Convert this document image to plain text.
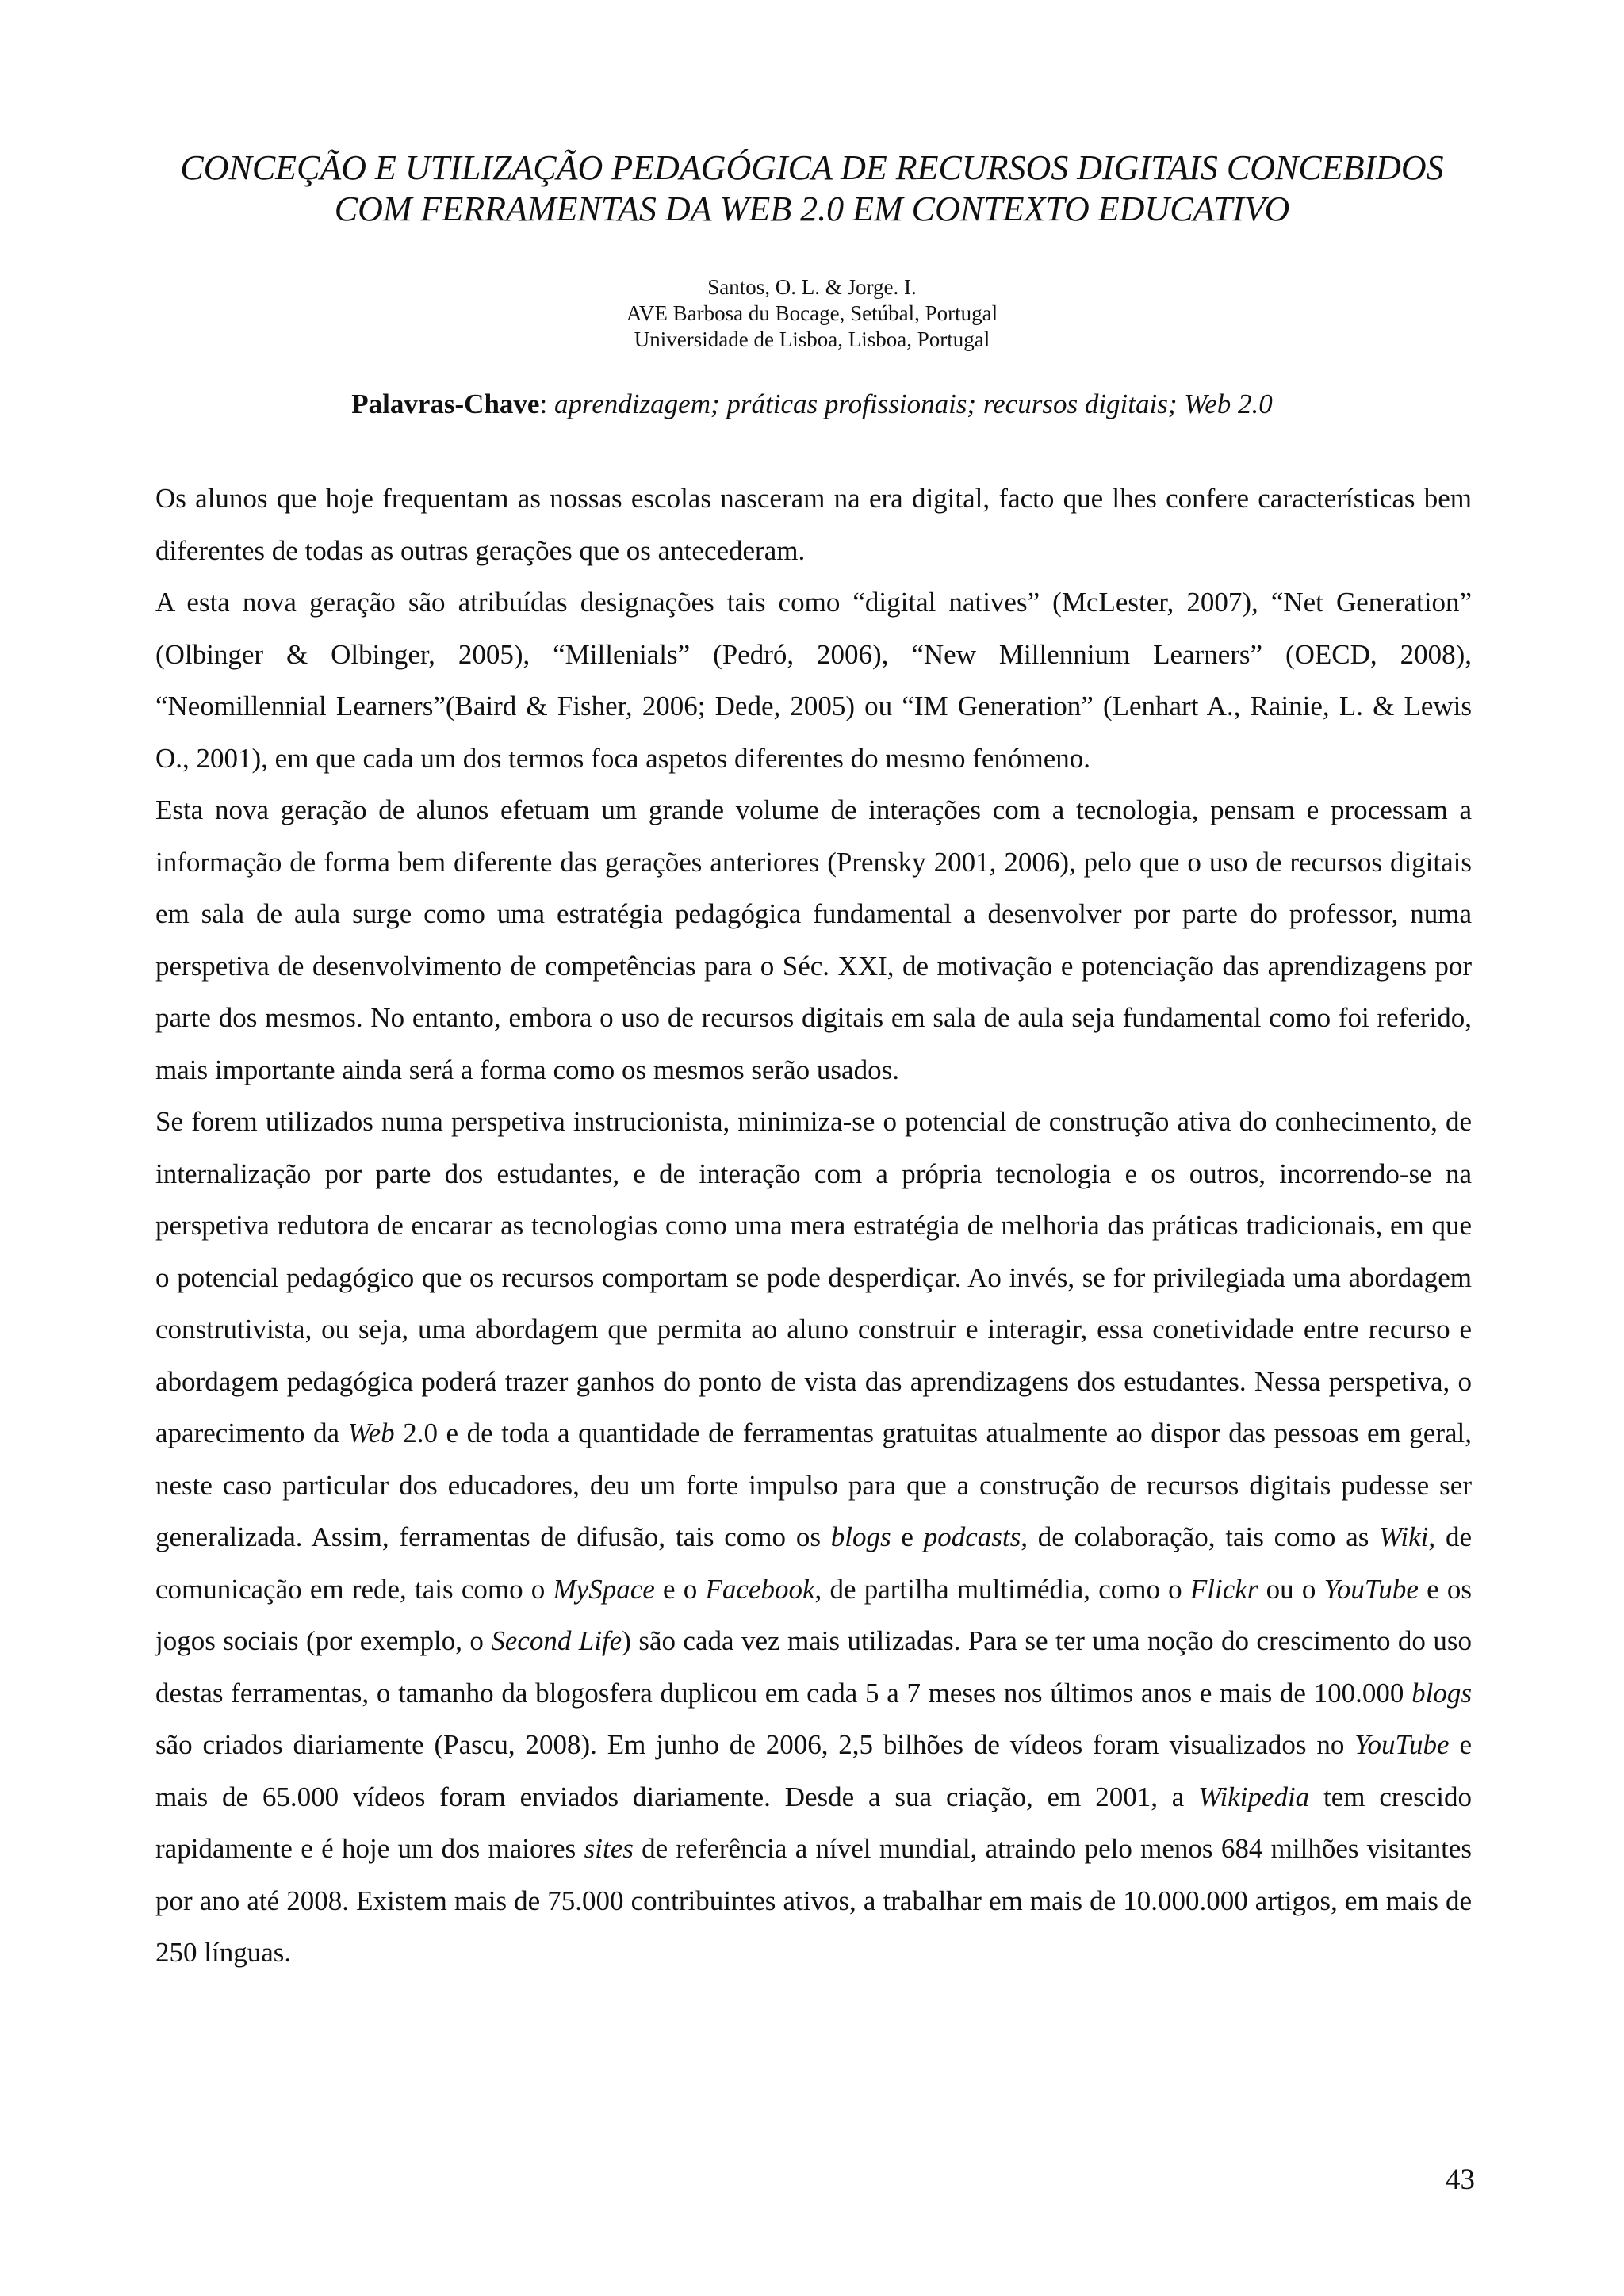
CONCEÇÃO E UTILIZAÇÃO PEDAGÓGICA DE RECURSOS DIGITAIS CONCEBIDOS
COM FERRAMENTAS DA WEB 2.0 EM CONTEXTO EDUCATIVO
Santos, O. L. & Jorge. I.
AVE Barbosa du Bocage, Setúbal, Portugal
Universidade de Lisboa, Lisboa, Portugal
Palavras-Chave: aprendizagem; práticas profissionais; recursos digitais; Web 2.0

Os alunos que hoje frequentam as nossas escolas nasceram na era digital, facto que lhes confere características bem diferentes de todas as outras gerações que os antecederam.

A esta nova geração são atribuídas designações tais como “digital natives” (McLester, 2007), “Net Generation” (Olbinger & Olbinger, 2005), “Millenials” (Pedró, 2006), “New Millennium Learners” (OECD, 2008), “Neomillennial Learners”(Baird & Fisher, 2006; Dede, 2005) ou “IM Generation” (Lenhart A., Rainie, L. & Lewis O., 2001), em que cada um dos termos foca aspetos diferentes do mesmo fenómeno.

Esta nova geração de alunos efetuam um grande volume de interações com a tecnologia, pensam e processam a informação de forma bem diferente das gerações anteriores (Prensky 2001, 2006), pelo que o uso de recursos digitais em sala de aula surge como uma estratégia pedagógica fundamental a desenvolver por parte do professor, numa perspetiva de desenvolvimento de competências para o Séc. XXI, de motivação e potenciação das aprendizagens por parte dos mesmos. No entanto, embora o uso de recursos digitais em sala de aula seja fundamental como foi referido, mais importante ainda será a forma como os mesmos serão usados.

Se forem utilizados numa perspetiva instrucionista, minimiza-se o potencial de construção ativa do conhecimento, de internalização por parte dos estudantes, e de interação com a própria tecnologia e os outros, incorrendo-se na perspetiva redutora de encarar as tecnologias como uma mera estratégia de melhoria das práticas tradicionais, em que o potencial pedagógico que os recursos comportam se pode desperdiçar. Ao invés, se for privilegiada uma abordagem construtivista, ou seja, uma abordagem que permita ao aluno construir e interagir, essa conetividade entre recurso e abordagem pedagógica poderá trazer ganhos do ponto de vista das aprendizagens dos estudantes. Nessa perspetiva, o aparecimento da Web 2.0 e de toda a quantidade de ferramentas gratuitas atualmente ao dispor das pessoas em geral, neste caso particular dos educadores, deu um forte impulso para que a construção de recursos digitais pudesse ser generalizada. Assim, ferramentas de difusão, tais como os blogs e podcasts, de colaboração, tais como as Wiki, de comunicação em rede, tais como o MySpace e o Facebook, de partilha multimédia, como o Flickr ou o YouTube e os jogos sociais (por exemplo, o Second Life) são cada vez mais utilizadas. Para se ter uma noção do crescimento do uso destas ferramentas, o tamanho da blogosfera duplicou em cada 5 a 7 meses nos últimos anos e mais de 100.000 blogs são criados diariamente (Pascu, 2008). Em junho de 2006, 2,5 bilhões de vídeos foram visualizados no YouTube e mais de 65.000 vídeos foram enviados diariamente. Desde a sua criação, em 2001, a Wikipedia tem crescido rapidamente e é hoje um dos maiores sites de referência a nível mundial, atraindo pelo menos 684 milhões visitantes por ano até 2008. Existem mais de 75.000 contribuintes ativos, a trabalhar em mais de 10.000.000 artigos, em mais de 250 línguas.

43
